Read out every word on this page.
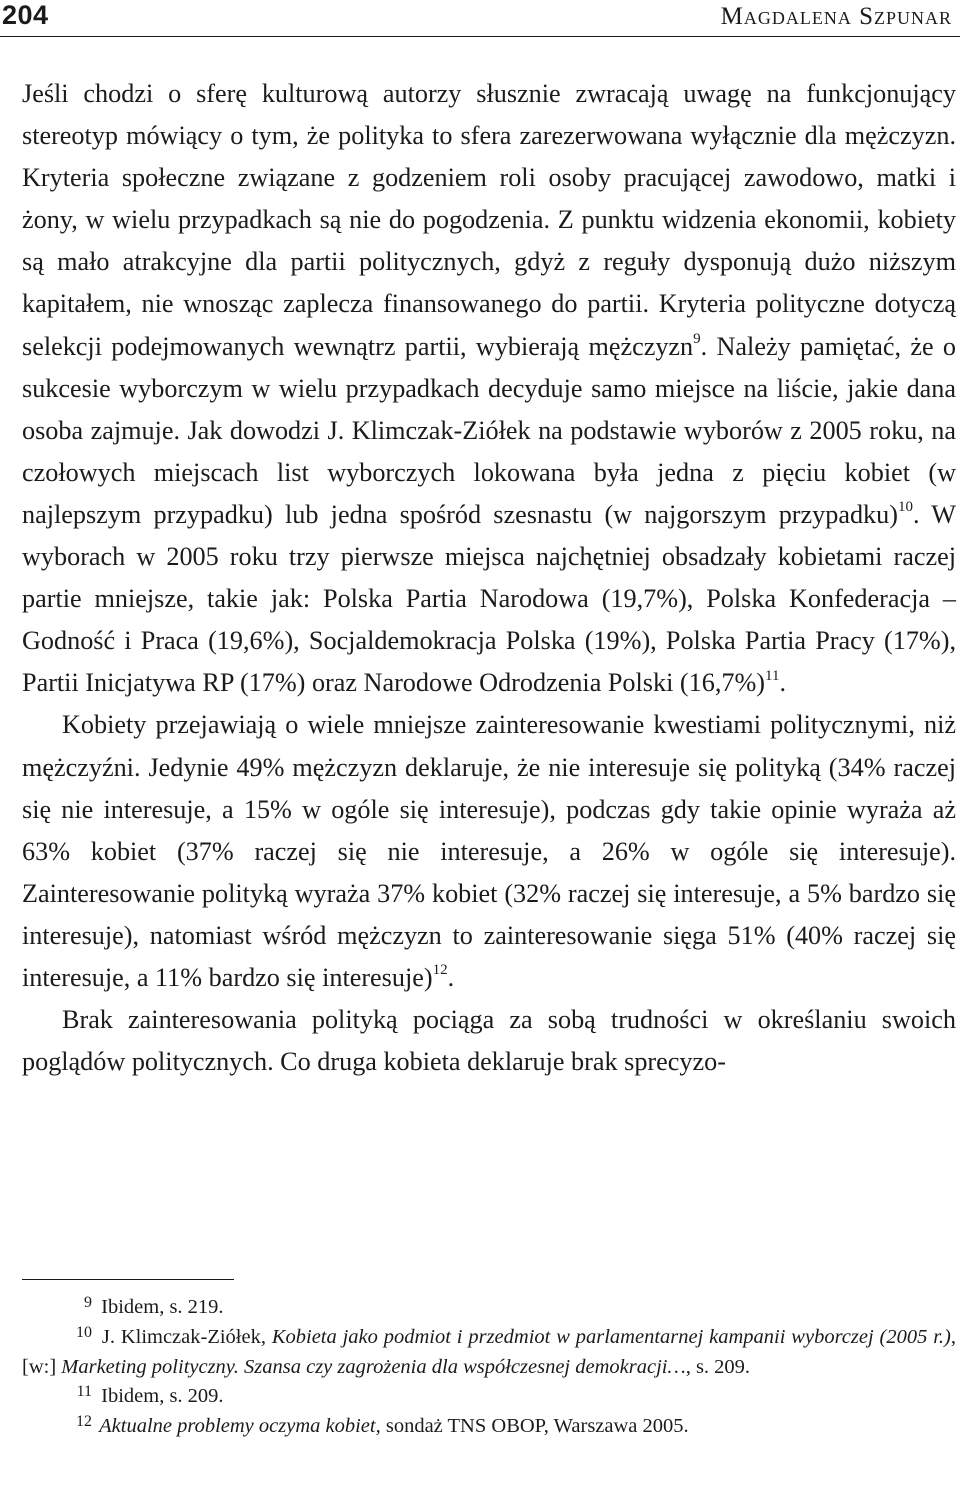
204	Magdalena Szpunar

Jeśli chodzi o sferę kulturową autorzy słusznie zwracają uwagę na funkcjonujący stereotyp mówiący o tym, że polityka to sfera zarezerwowana wyłącznie dla mężczyzn. Kryteria społeczne związane z godzeniem roli osoby pracującej zawodowo, matki i żony, w wielu przypadkach są nie do pogodzenia. Z punktu widzenia ekonomii, kobiety są mało atrakcyjne dla partii politycznych, gdyż z reguły dysponują dużo niższym kapitałem, nie wnosząc zaplecza finansowanego do partii. Kryteria polityczne dotyczą selekcji podejmowanych wewnątrz partii, wybierają mężczyzn$^9$. Należy pamiętać, że o sukcesie wyborczym w wielu przypadkach decyduje samo miejsce na liście, jakie dana osoba zajmuje. Jak dowodzi J. Klimczak-Ziółek na podstawie wyborów z 2005 roku, na czołowych miejscach list wyborczych lokowana była jedna z pięciu kobiet (w najlepszym przypadku) lub jedna spośród szesnastu (w najgorszym przypadku)$^{10}$. W wyborach w 2005 roku trzy pierwsze miejsca najchętniej obsadzały kobietami raczej partie mniejsze, takie jak: Polska Partia Narodowa (19,7%), Polska Konfederacja – Godność i Praca (19,6%), Socjaldemokracja Polska (19%), Polska Partia Pracy (17%), Partii Inicjatywa RP (17%) oraz Narodowe Odrodzenia Polski $(16,7\%)^{11}$.

Kobiety przejawiają o wiele mniejsze zainteresowanie kwestiami politycznymi, niż mężczyźni. Jedynie 49% mężczyzn deklaruje, że nie interesuje się polityką (34% raczej się nie interesuje, a 15% w ogóle się interesuje), podczas gdy takie opinie wyraża aż 63% kobiet (37% raczej się nie interesuje, a 26% w ogóle się interesuje). Zainteresowanie polityką wyraża 37% kobiet (32% raczej się interesuje, a 5% bardzo się interesuje), natomiast wśród mężczyzn to zainteresowanie sięga 51% (40% raczej się interesuje, a 11% bardzo się interesuje)$^{12}$.

Brak zainteresowania polityką pociąga za sobą trudności w określaniu swoich poglądów politycznych. Co druga kobieta deklaruje brak sprecyzo-

9 Ibidem, s. 219.

10 J. Klimczak-Ziółek, Kobieta jako podmiot i przedmiot w parlamentarnej kampanii wyborczej (2005 r.), [w:] Marketing polityczny. Szansa czy zagrożenia dla współczesnej demokracji…, s. 209.

11 Ibidem, s. 209.

12 Aktualne problemy oczyma kobiet, sondaż TNS OBOP, Warszawa 2005.
